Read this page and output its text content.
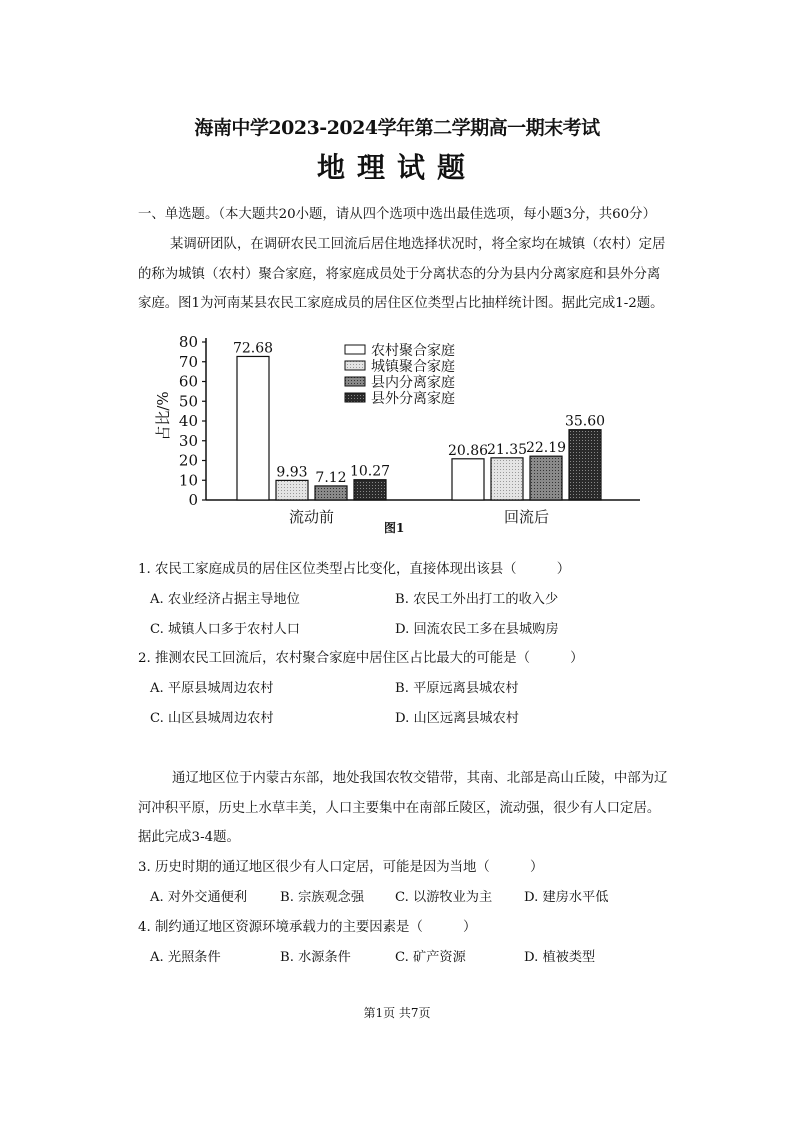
海南中学2023-2024学年第二学期高一期末考试
地理试题
一、单选题。（本大题共20小题，请从四个选项中选出最佳选项，每小题3分，共60分）
某调研团队，在调研农民工回流后居住地选择状况时，将全家均在城镇（农村）定居
的称为城镇（农村）聚合家庭，将家庭成员处于分离状态的分为县内分离家庭和县外分离
家庭。图1为河南某县农民工家庭成员的居住区位类型占比抽样统计图。据此完成1-2题。
0
10
20
30
40
50
60
70
80
占比/%
72.68
9.93 7.12 10.27
流动前
20.86
21.35
22.19
35.60
回流后
农村聚合家庭
城镇聚合家庭
县内分离家庭
县外分离家庭
图1
1. 农民工家庭成员的居住区位类型占比变化，直接体现出该县（　　　）
A. 农业经济占据主导地位	B. 农民工外出打工的收入少
C. 城镇人口多于农村人口	D. 回流农民工多在县城购房
2. 推测农民工回流后，农村聚合家庭中居住区占比最大的可能是（　　　）
A. 平原县城周边农村	B. 平原远离县城农村
C. 山区县城周边农村	D. 山区远离县城农村
通辽地区位于内蒙古东部，地处我国农牧交错带，其南、北部是高山丘陵，中部为辽
河冲积平原，历史上水草丰美，人口主要集中在南部丘陵区，流动强，很少有人口定居。
据此完成3-4题。
3. 历史时期的通辽地区很少有人口定居，可能是因为当地（　　　）
A. 对外交通便利 B. 宗族观念强 C. 以游牧业为主 D. 建房水平低
4. 制约通辽地区资源环境承载力的主要因素是（　　　）
A. 光照条件	B. 水源条件	C. 矿产资源	D. 植被类型
第1页 共7页
